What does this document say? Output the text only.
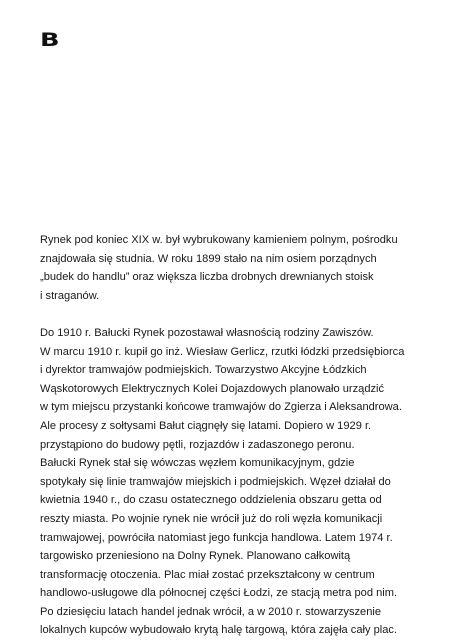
B

Rynek pod koniec XIX w. był wybrukowany kamieniem polnym, pośrodku
znajdowała się studnia. W roku 1899 stało na nim osiem porządnych
„budek do handlu” oraz większa liczba drobnych drewnianych stoisk
i straganów.

Do 1910 r. Bałucki Rynek pozostawał własnością rodziny Zawiszów.
W marcu 1910 r. kupił go inż. Wiesław Gerlicz, rzutki łódzki przedsiębiorca
i dyrektor tramwajów podmiejskich. Towarzystwo Akcyjne Łódzkich
Wąskotorowych Elektrycznych Kolei Dojazdowych planowało urządzić
w tym miejscu przystanki końcowe tramwajów do Zgierza i Aleksandrowa.
Ale procesy z sołtysami Bałut ciągnęły się latami. Dopiero w 1929 r.
przystąpiono do budowy pętli, rozjazdów i zadaszonego peronu.
Bałucki Rynek stał się wówczas węzłem komunikacyjnym, gdzie
spotykały się linie tramwajów miejskich i podmiejskich. Węzeł działał do
kwietnia 1940 r., do czasu ostatecznego oddzielenia obszaru getta od
reszty miasta. Po wojnie rynek nie wrócił już do roli węzła komunikacji
tramwajowej, powróciła natomiast jego funkcja handlowa. Latem 1974 r.
targowisko przeniesiono na Dolny Rynek. Planowano całkowitą
transformację otoczenia. Plac miał zostać przekształcony w centrum
handlowo-usługowe dla północnej części Łodzi, ze stacją metra pod nim.
Po dziesięciu latach handel jednak wrócił, a w 2010 r. stowarzyszenie
lokalnych kupców wybudowało krytą halę targową, która zajęła cały plac.
